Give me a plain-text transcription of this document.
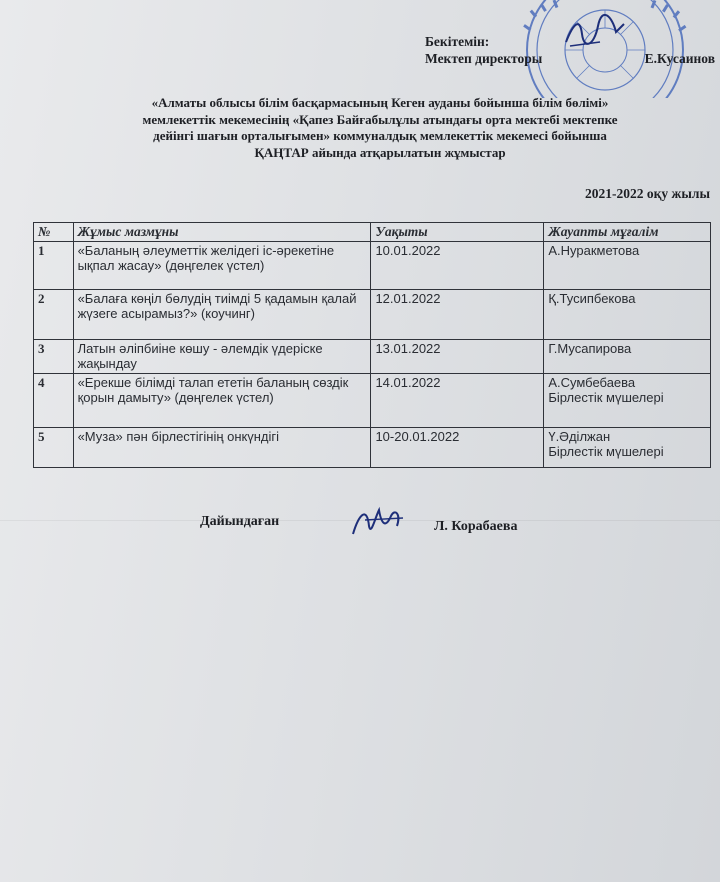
Бекітемін:
Мектеп директоры	Е.Кусаинов
«Алматы облысы білім басқармасының Кеген ауданы бойынша білім бөлімі»
мемлекеттік мекемесінің «Қапез Байғабылұлы атындағы орта мектебі мектепке
дейінгі шағын орталығымен» коммуналдық мемлекеттік мекемесі бойынша
ҚАҢТАР айында атқарылатын жұмыстар
2021-2022 оқу жылы
№	Жұмыс мазмұны	Уақыты	Жауапты мұғалім
1	«Баланың әлеуметтік желідегі іс-әрекетіне ықпал жасау» (дөңгелек үстел)	10.01.2022	А.Нуракметова

2	«Балаға көңіл бөлудің тиімді 5 қадамын қалай жүзеге асырамыз?» (коучинг)	12.01.2022	Қ.Тусипбекова

3	Латын әліпбиіне көшу - әлемдік үдеріске жақындау	13.01.2022	Г.Мусапирова

4	«Ерекше білімді талап ететін баланың сөздік қорын дамыту» (дөңгелек үстел)	14.01.2022	А.Сумбебаева
Бірлестік мүшелері

5	«Муза» пән бірлестігінің онкүндігі	10-20.01.2022	Ү.Әділжан
Бірлестік мүшелері
Дайындаған	Л. Корабаева
